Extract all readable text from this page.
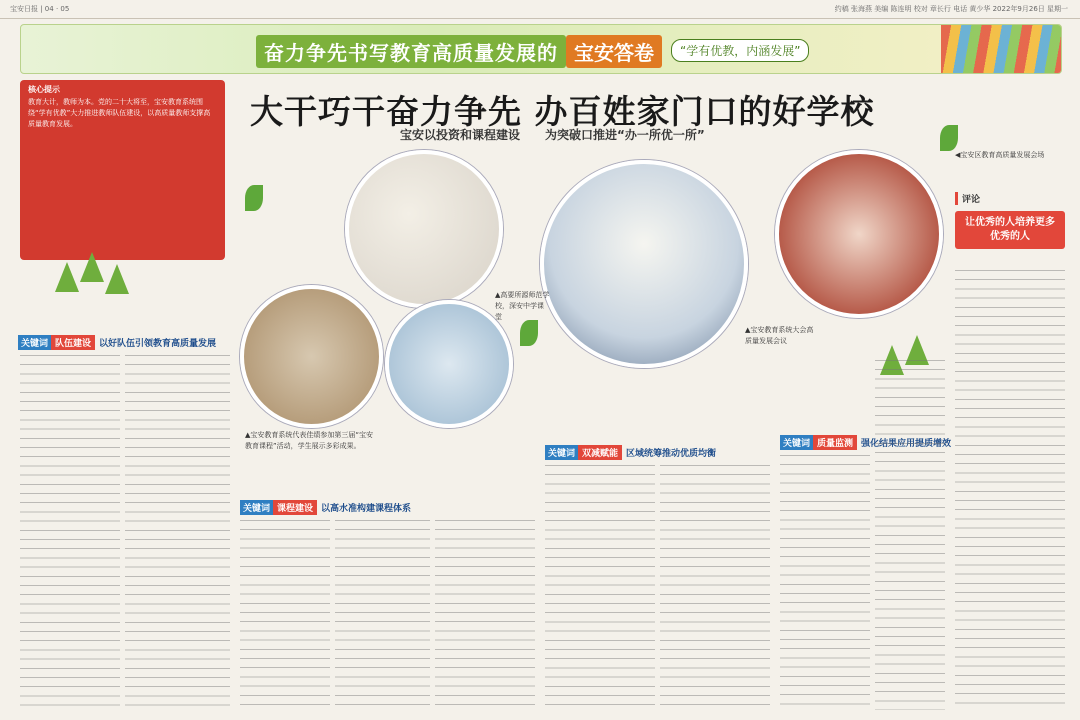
宝安日报 | 04 · 05	约稿 张海燕 美编 陈连明 校对 章长行 电话 黄少华 2022年9月26日 星期一
奋力争先书写教育高质量发展的 宝安答卷	“学有优教，内涵发展”
核心提示
教育大计，教师为本。党的二十大将至，宝安教育系统围绕“学有优教”大力推进教师队伍建设，以高质量教师支撑高质量教育发展。	大干巧干奋力争先 办百姓家门口的好学校
宝安以投资和课程建设 为突破口推进“办一所优一所”
▲高要所源师范学校，深安中学课堂
▲宝安教育系统代表佳绩参加第三届“宝安教育课程”活动，学生展示多彩成果。
▲宝安教育系统大会高质量发展会议
◀宝安区教育高质量发展会场
评论
让优秀的人培养更多优秀的人
关键词 队伍建设 以好队伍引领教育高质量发展
关键词 课程建设 以高水准构建课程体系
关键词 双减赋能 区域统筹推动优质均衡
关键词 质量监测 强化结果应用提质增效
